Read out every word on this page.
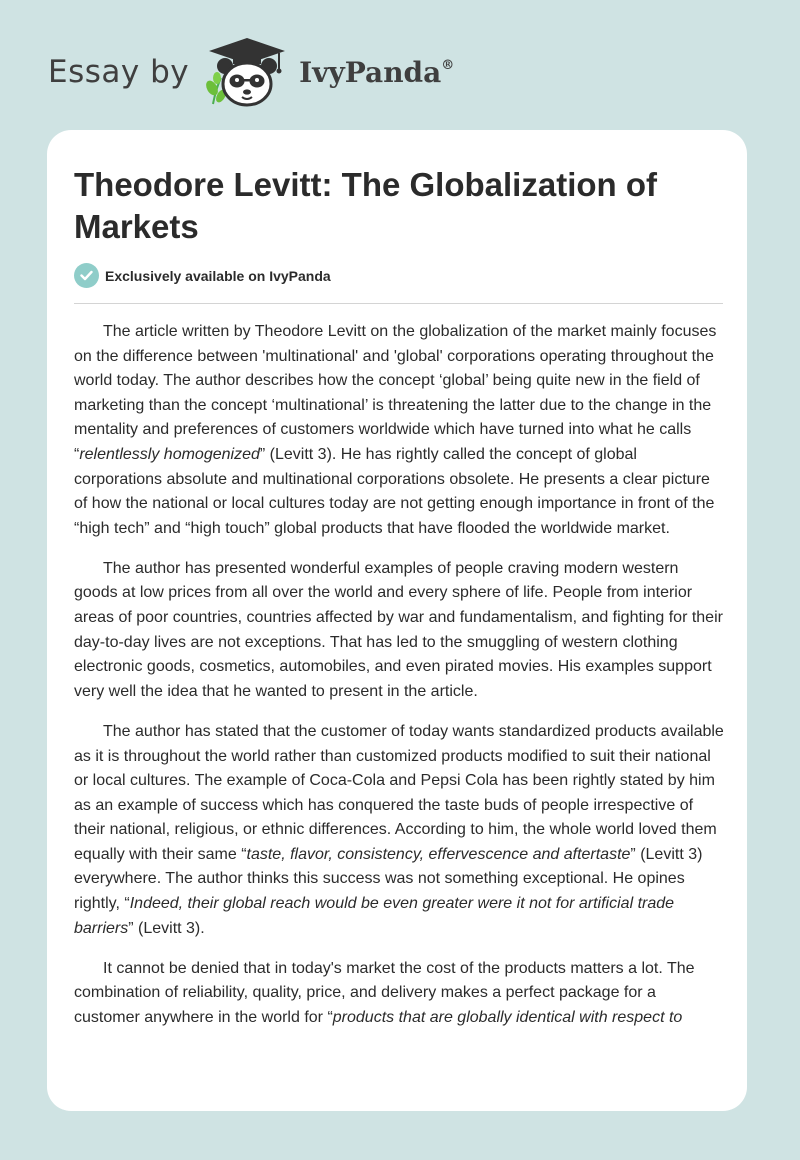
Essay by	IvyPanda®
Theodore Levitt: The Globalization of Markets
Exclusively available on IvyPanda

The article written by Theodore Levitt on the globalization of the market mainly focuses on the difference between 'multinational' and 'global' corporations operating throughout the world today. The author describes how the concept ‘global’ being quite new in the field of marketing than the concept ‘multinational’ is threatening the latter due to the change in the mentality and preferences of customers worldwide which have turned into what he calls “relentlessly homogenized” (Levitt 3). He has rightly called the concept of global corporations absolute and multinational corporations obsolete. He presents a clear picture of how the national or local cultures today are not getting enough importance in front of the “high tech” and “high touch” global products that have flooded the worldwide market.

The author has presented wonderful examples of people craving modern western goods at low prices from all over the world and every sphere of life. People from interior areas of poor countries, countries affected by war and fundamentalism, and fighting for their day-to-day lives are not exceptions. That has led to the smuggling of western clothing electronic goods, cosmetics, automobiles, and even pirated movies. His examples support very well the idea that he wanted to present in the article.

The author has stated that the customer of today wants standardized products available as it is throughout the world rather than customized products modified to suit their national or local cultures. The example of Coca-Cola and Pepsi Cola has been rightly stated by him as an example of success which has conquered the taste buds of people irrespective of their national, religious, or ethnic differences. According to him, the whole world loved them equally with their same “taste, flavor, consistency, effervescence and aftertaste” (Levitt 3) everywhere. The author thinks this success was not something exceptional. He opines rightly, “Indeed, their global reach would be even greater were it not for artificial trade barriers” (Levitt 3).

It cannot be denied that in today's market the cost of the products matters a lot. The combination of reliability, quality, price, and delivery makes a perfect package for a customer anywhere in the world for “products that are globally identical with respect to
